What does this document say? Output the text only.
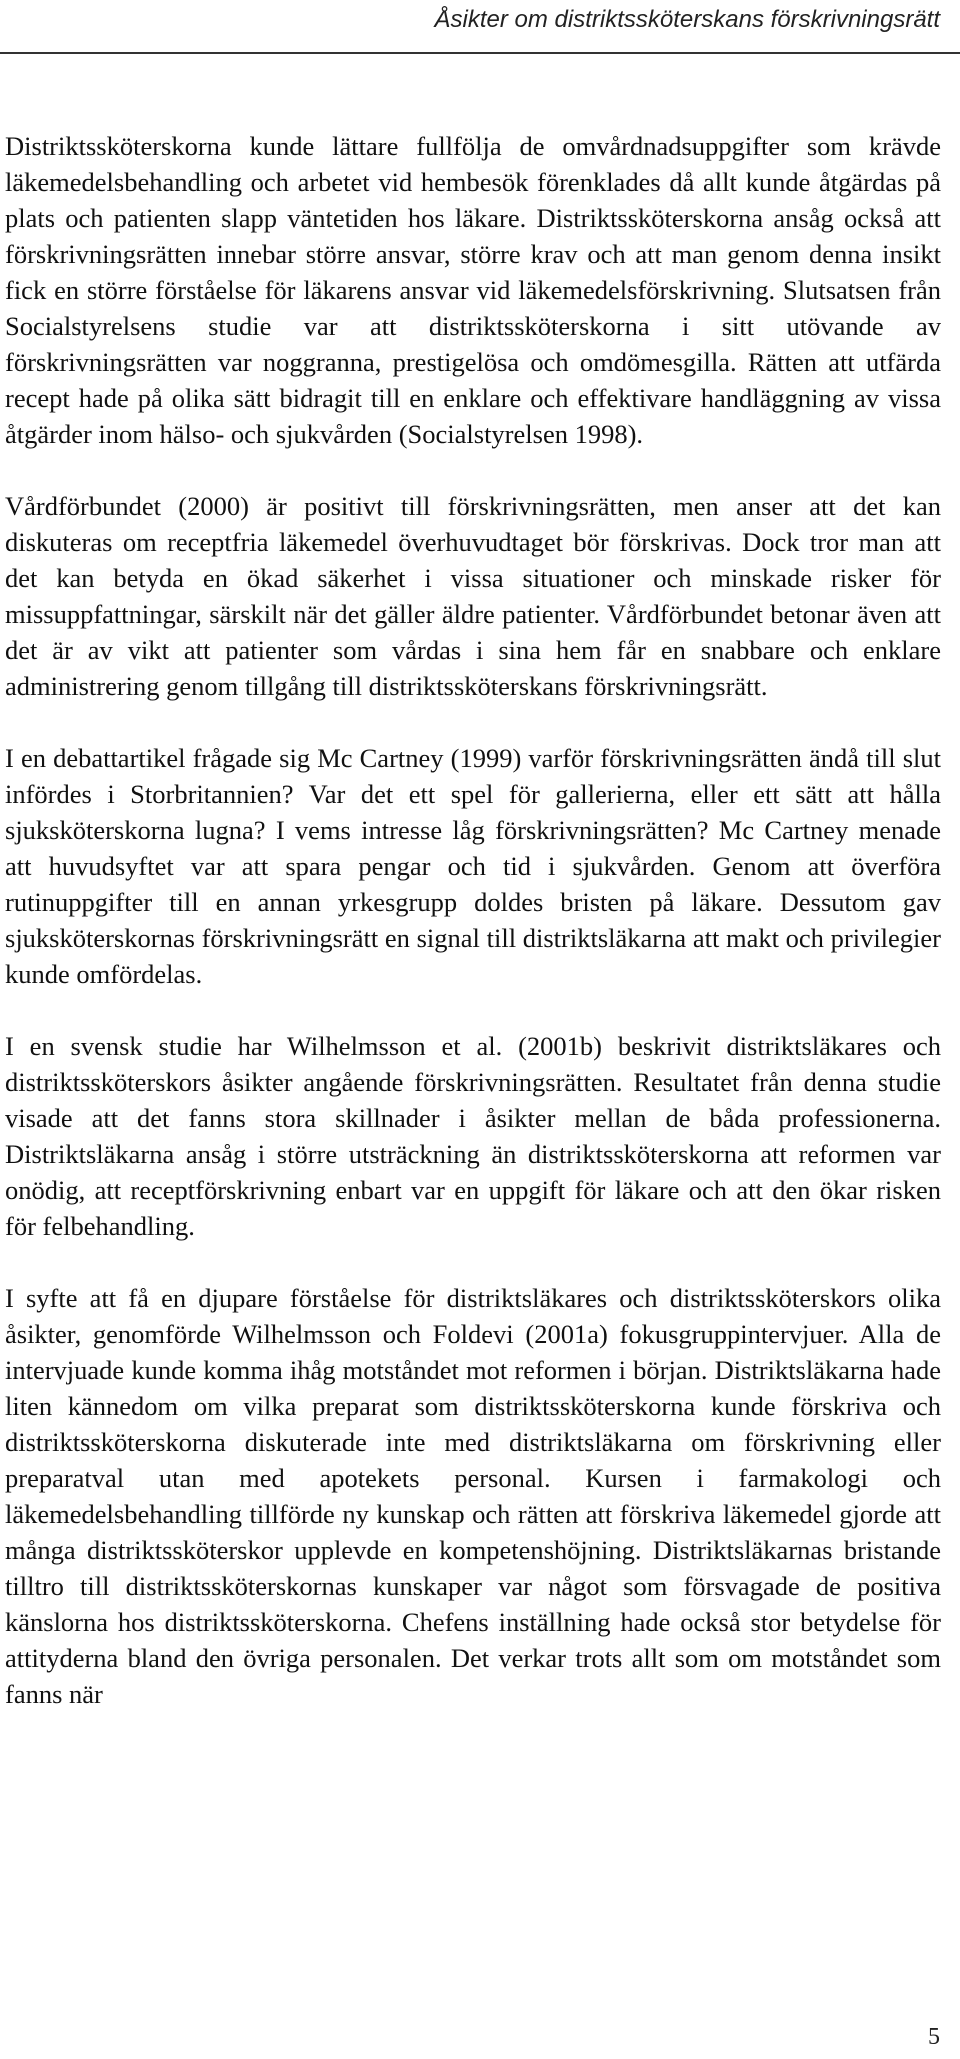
Åsikter om distriktssköterskans förskrivningsrätt

Distriktssköterskorna kunde lättare fullfölja de omvårdnadsuppgifter som krävde läkemedelsbehandling och arbetet vid hembesök förenklades då allt kunde åtgärdas på plats och patienten slapp väntetiden hos läkare. Distriktssköterskorna ansåg också att förskrivningsrätten innebar större ansvar, större krav och att man genom denna insikt fick en större förståelse för läkarens ansvar vid läkemedelsförskrivning. Slutsatsen från Socialstyrelsens studie var att distriktssköterskorna i sitt utövande av förskrivningsrätten var noggranna, prestigelösa och omdömesgilla. Rätten att utfärda recept hade på olika sätt bidragit till en enklare och effektivare handläggning av vissa åtgärder inom hälso- och sjukvården (Socialstyrelsen 1998).

Vårdförbundet (2000) är positivt till förskrivningsrätten, men anser att det kan diskuteras om receptfria läkemedel överhuvudtaget bör förskrivas. Dock tror man att det kan betyda en ökad säkerhet i vissa situationer och minskade risker för missuppfattningar, särskilt när det gäller äldre patienter. Vårdförbundet betonar även att det är av vikt att patienter som vårdas i sina hem får en snabbare och enklare administrering genom tillgång till distriktssköterskans förskrivningsrätt.

I en debattartikel frågade sig Mc Cartney (1999) varför förskrivningsrätten ändå till slut infördes i Storbritannien? Var det ett spel för gallerierna, eller ett sätt att hålla sjuksköterskorna lugna? I vems intresse låg förskrivningsrätten? Mc Cartney menade att huvudsyftet var att spara pengar och tid i sjukvården. Genom att överföra rutinuppgifter till en annan yrkesgrupp doldes bristen på läkare. Dessutom gav sjuksköterskornas förskrivningsrätt en signal till distriktsläkarna att makt och privilegier kunde omfördelas.

I en svensk studie har Wilhelmsson et al. (2001b) beskrivit distriktsläkares och distriktssköterskors åsikter angående förskrivningsrätten. Resultatet från denna studie visade att det fanns stora skillnader i åsikter mellan de båda professionerna. Distriktsläkarna ansåg i större utsträckning än distriktssköterskorna att reformen var onödig, att receptförskrivning enbart var en uppgift för läkare och att den ökar risken för felbehandling.

I syfte att få en djupare förståelse för distriktsläkares och distriktssköterskors olika åsikter, genomförde Wilhelmsson och Foldevi (2001a) fokusgruppintervjuer. Alla de intervjuade kunde komma ihåg motståndet mot reformen i början. Distriktsläkarna hade liten kännedom om vilka preparat som distriktssköterskorna kunde förskriva och distriktssköterskorna diskuterade inte med distriktsläkarna om förskrivning eller preparatval utan med apotekets personal. Kursen i farmakologi och läkemedelsbehandling tillförde ny kunskap och rätten att förskriva läkemedel gjorde att många distriktssköterskor upplevde en kompetenshöjning. Distriktsläkarnas bristande tilltro till distriktssköterskornas kunskaper var något som försvagade de positiva känslorna hos distriktssköterskorna. Chefens inställning hade också stor betydelse för attityderna bland den övriga personalen. Det verkar trots allt som om motståndet som fanns när

5
